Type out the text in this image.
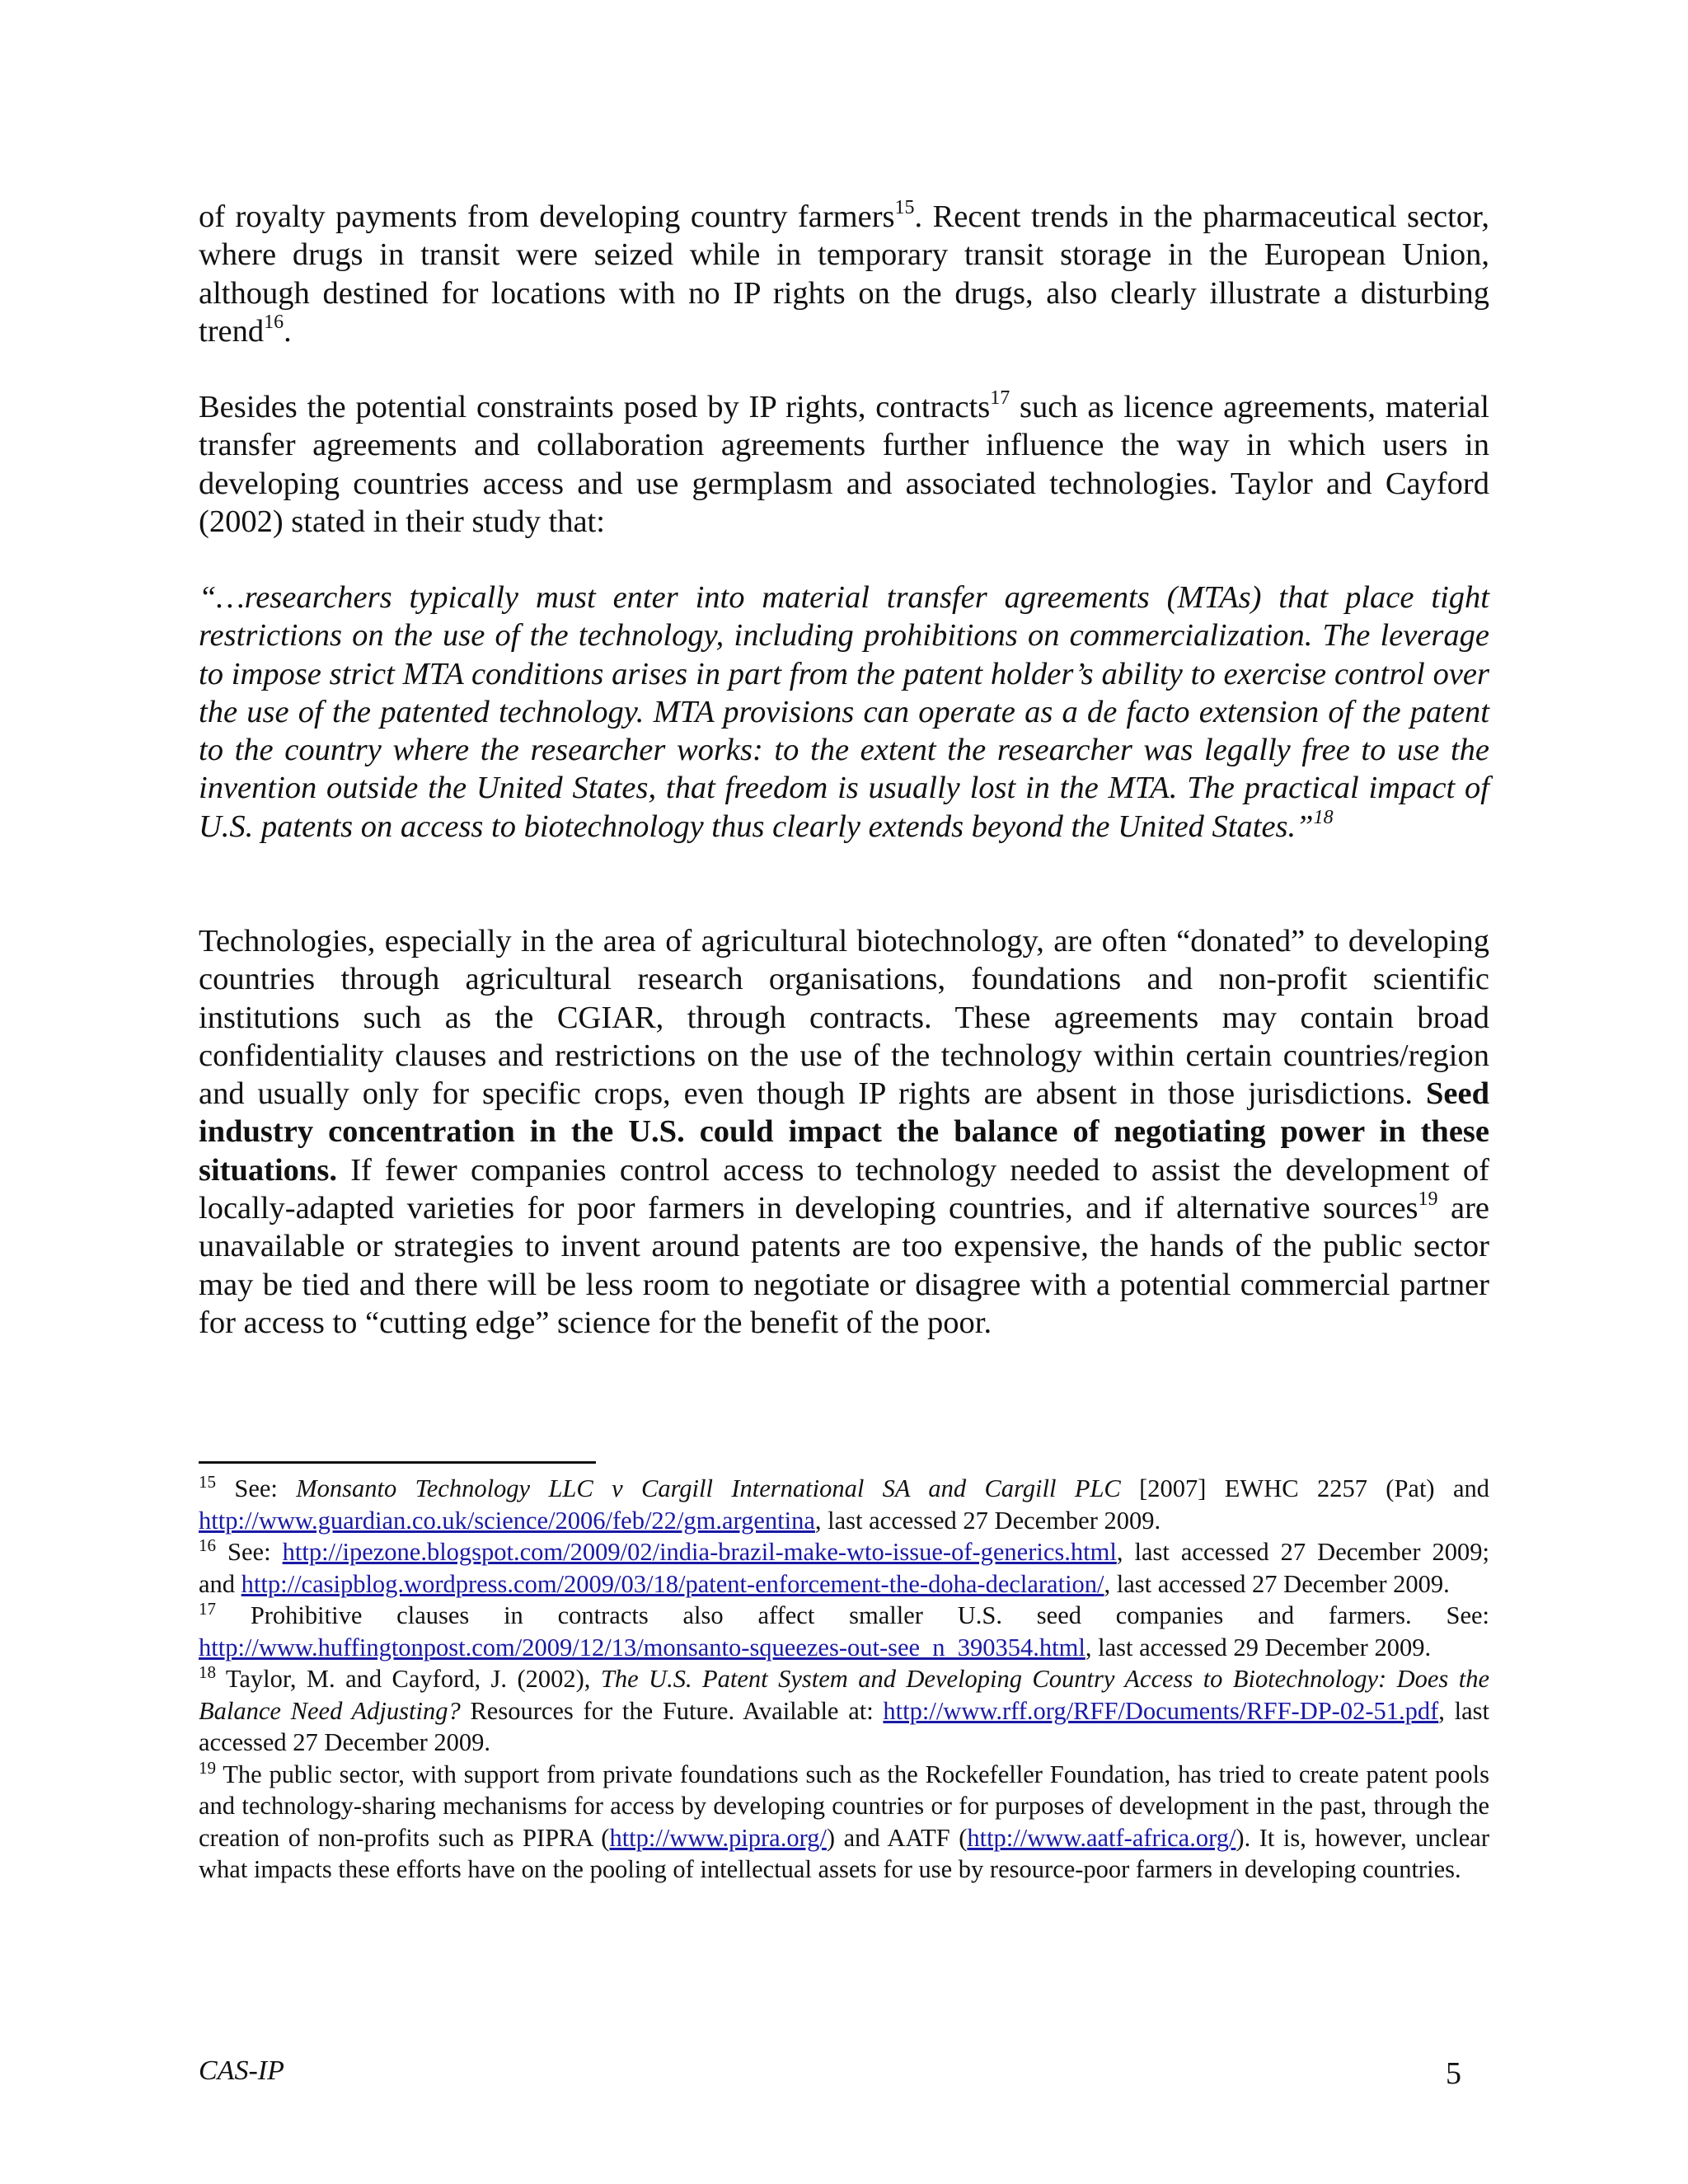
of royalty payments from developing country farmers$^{15}$. Recent trends in the pharmaceutical sector, where drugs in transit were seized while in temporary transit storage in the European Union, although destined for locations with no IP rights on the drugs, also clearly illustrate a disturbing trend$^{16}$.

Besides the potential constraints posed by IP rights, contracts$^{17}$ such as licence agreements, material transfer agreements and collaboration agreements further influence the way in which users in developing countries access and use germplasm and associated technologies. Taylor and Cayford (2002) stated in their study that:

“…researchers typically must enter into material transfer agreements (MTAs) that place tight restrictions on the use of the technology, including prohibitions on commercialization. The leverage to impose strict MTA conditions arises in part from the patent holder’s ability to exercise control over the use of the patented technology. MTA provisions can operate as a de facto extension of the patent to the country where the researcher works: to the extent the researcher was legally free to use the invention outside the United States, that freedom is usually lost in the MTA. The practical impact of U.S. patents on access to biotechnology thus clearly extends beyond the United States.”$^{18}$

Technologies, especially in the area of agricultural biotechnology, are often “donated” to developing countries through agricultural research organisations, foundations and non-profit scientific institutions such as the CGIAR, through contracts. These agreements may contain broad confidentiality clauses and restrictions on the use of the technology within certain countries/region and usually only for specific crops, even though IP rights are absent in those jurisdictions. Seed industry concentration in the U.S. could impact the balance of negotiating power in these situations. If fewer companies control access to technology needed to assist the development of locally-adapted varieties for poor farmers in developing countries, and if alternative sources$^{19}$ are unavailable or strategies to invent around patents are too expensive, the hands of the public sector may be tied and there will be less room to negotiate or disagree with a potential commercial partner for access to “cutting edge” science for the benefit of the poor.

$^{15}$ See: Monsanto Technology LLC v Cargill International SA and Cargill PLC [2007] EWHC 2257 (Pat) and http://www.guardian.co.uk/science/2006/feb/22/gm.argentina, last accessed 27 December 2009.

$^{16}$ See: http://ipezone.blogspot.com/2009/02/india-brazil-make-wto-issue-of-generics.html, last accessed 27 December 2009; and http://casipblog.wordpress.com/2009/03/18/patent-enforcement-the-doha-declaration/, last accessed 27 December 2009.

$^{17}$ Prohibitive clauses in contracts also affect smaller U.S. seed companies and farmers. See: http://www.huffingtonpost.com/2009/12/13/monsanto-squeezes-out-see_n_390354.html, last accessed 29 December 2009.

$^{18}$ Taylor, M. and Cayford, J. (2002), The U.S. Patent System and Developing Country Access to Biotechnology: Does the Balance Need Adjusting? Resources for the Future. Available at: http://www.rff.org/RFF/Documents/RFF-DP-02-51.pdf, last accessed 27 December 2009.

$^{19}$ The public sector, with support from private foundations such as the Rockefeller Foundation, has tried to create patent pools and technology-sharing mechanisms for access by developing countries or for purposes of development in the past, through the creation of non-profits such as PIPRA (http://www.pipra.org/) and AATF (http://www.aatf-africa.org/). It is, however, unclear what impacts these efforts have on the pooling of intellectual assets for use by resource-poor farmers in developing countries.

CAS-IP	5
